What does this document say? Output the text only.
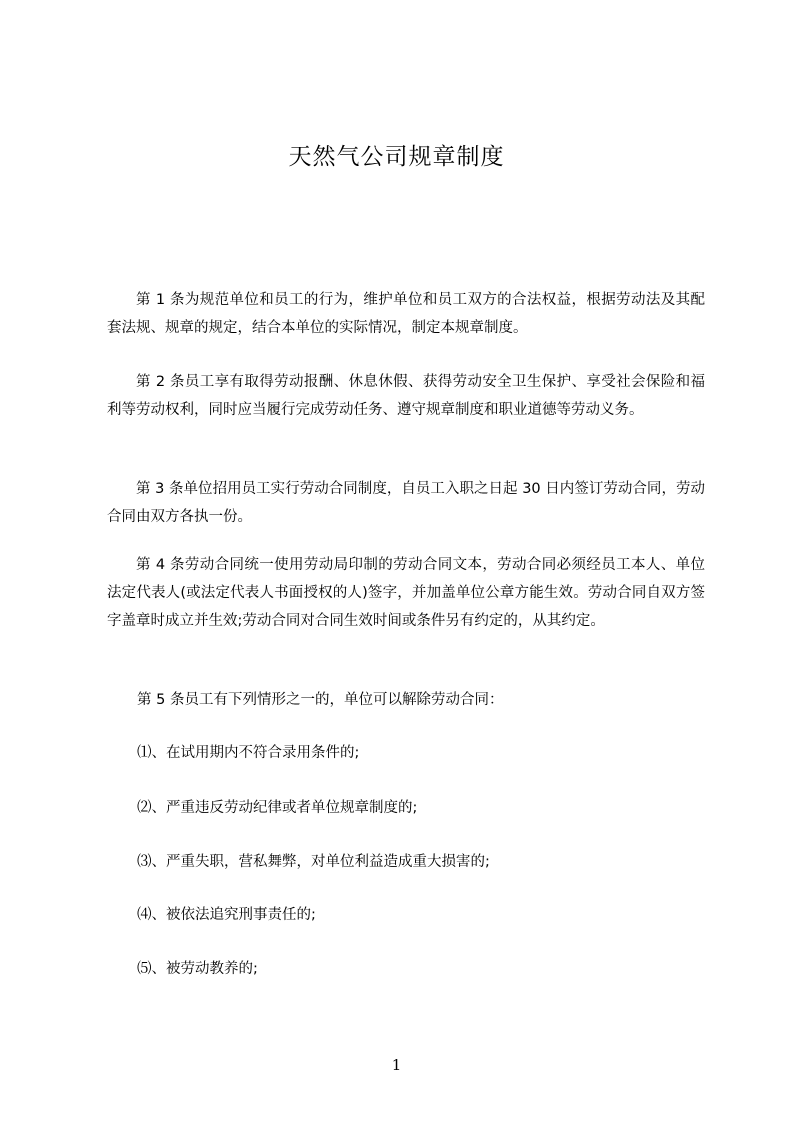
天然气公司规章制度

第 1 条为规范单位和员工的行为，维护单位和员工双方的合法权益，根据劳动法及其配套法规、规章的规定，结合本单位的实际情况，制定本规章制度。

第 2 条员工享有取得劳动报酬、休息休假、获得劳动安全卫生保护、享受社会保险和福利等劳动权利，同时应当履行完成劳动任务、遵守规章制度和职业道德等劳动义务。

第 3 条单位招用员工实行劳动合同制度，自员工入职之日起 30 日内签订劳动合同，劳动合同由双方各执一份。

第 4 条劳动合同统一使用劳动局印制的劳动合同文本，劳动合同必须经员工本人、单位法定代表人(或法定代表人书面授权的人)签字，并加盖单位公章方能生效。劳动合同自双方签字盖章时成立并生效;劳动合同对合同生效时间或条件另有约定的，从其约定。

第 5 条员工有下列情形之一的，单位可以解除劳动合同：

⑴、在试用期内不符合录用条件的;

⑵、严重违反劳动纪律或者单位规章制度的;

⑶、严重失职，营私舞弊，对单位利益造成重大损害的;

⑷、被依法追究刑事责任的;

⑸、被劳动教养的;

1
